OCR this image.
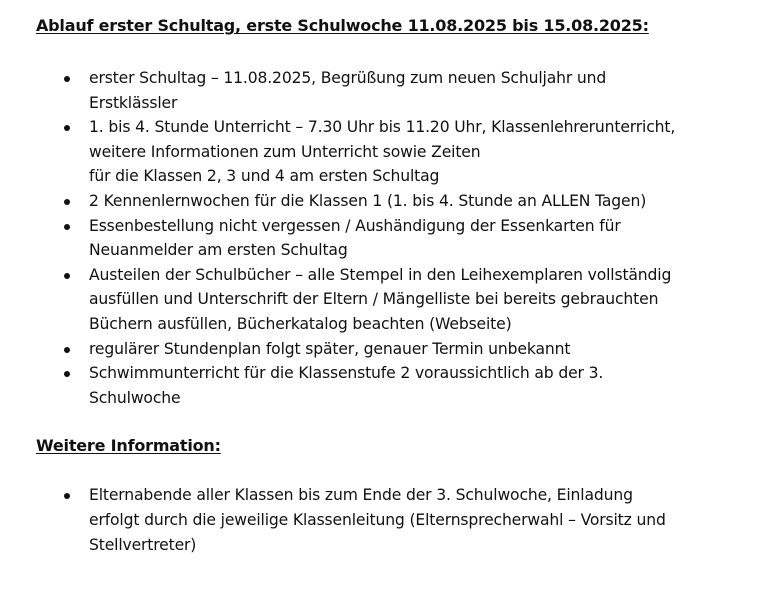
Ablauf erster Schultag, erste Schulwoche 11.08.2025 bis 15.08.2025:
erster Schultag – 11.08.2025, Begrüßung zum neuen Schuljahr und
Erstklässler
1. bis 4. Stunde Unterricht – 7.30 Uhr bis 11.20 Uhr, Klassenlehrerunterricht,
weitere Informationen zum Unterricht sowie Zeiten
für die Klassen 2, 3 und 4 am ersten Schultag
2 Kennenlernwochen für die Klassen 1 (1. bis 4. Stunde an ALLEN Tagen)
Essenbestellung nicht vergessen / Aushändigung der Essenkarten für
Neuanmelder am ersten Schultag
Austeilen der Schulbücher – alle Stempel in den Leihexemplaren vollständig
ausfüllen und Unterschrift der Eltern / Mängelliste bei bereits gebrauchten
Büchern ausfüllen, Bücherkatalog beachten (Webseite)
regulärer Stundenplan folgt später, genauer Termin unbekannt
Schwimmunterricht für die Klassenstufe 2 voraussichtlich ab der 3.
Schulwoche
Weitere Information:
Elternabende aller Klassen bis zum Ende der 3. Schulwoche, Einladung
erfolgt durch die jeweilige Klassenleitung (Elternsprecherwahl – Vorsitz und
Stellvertreter)
